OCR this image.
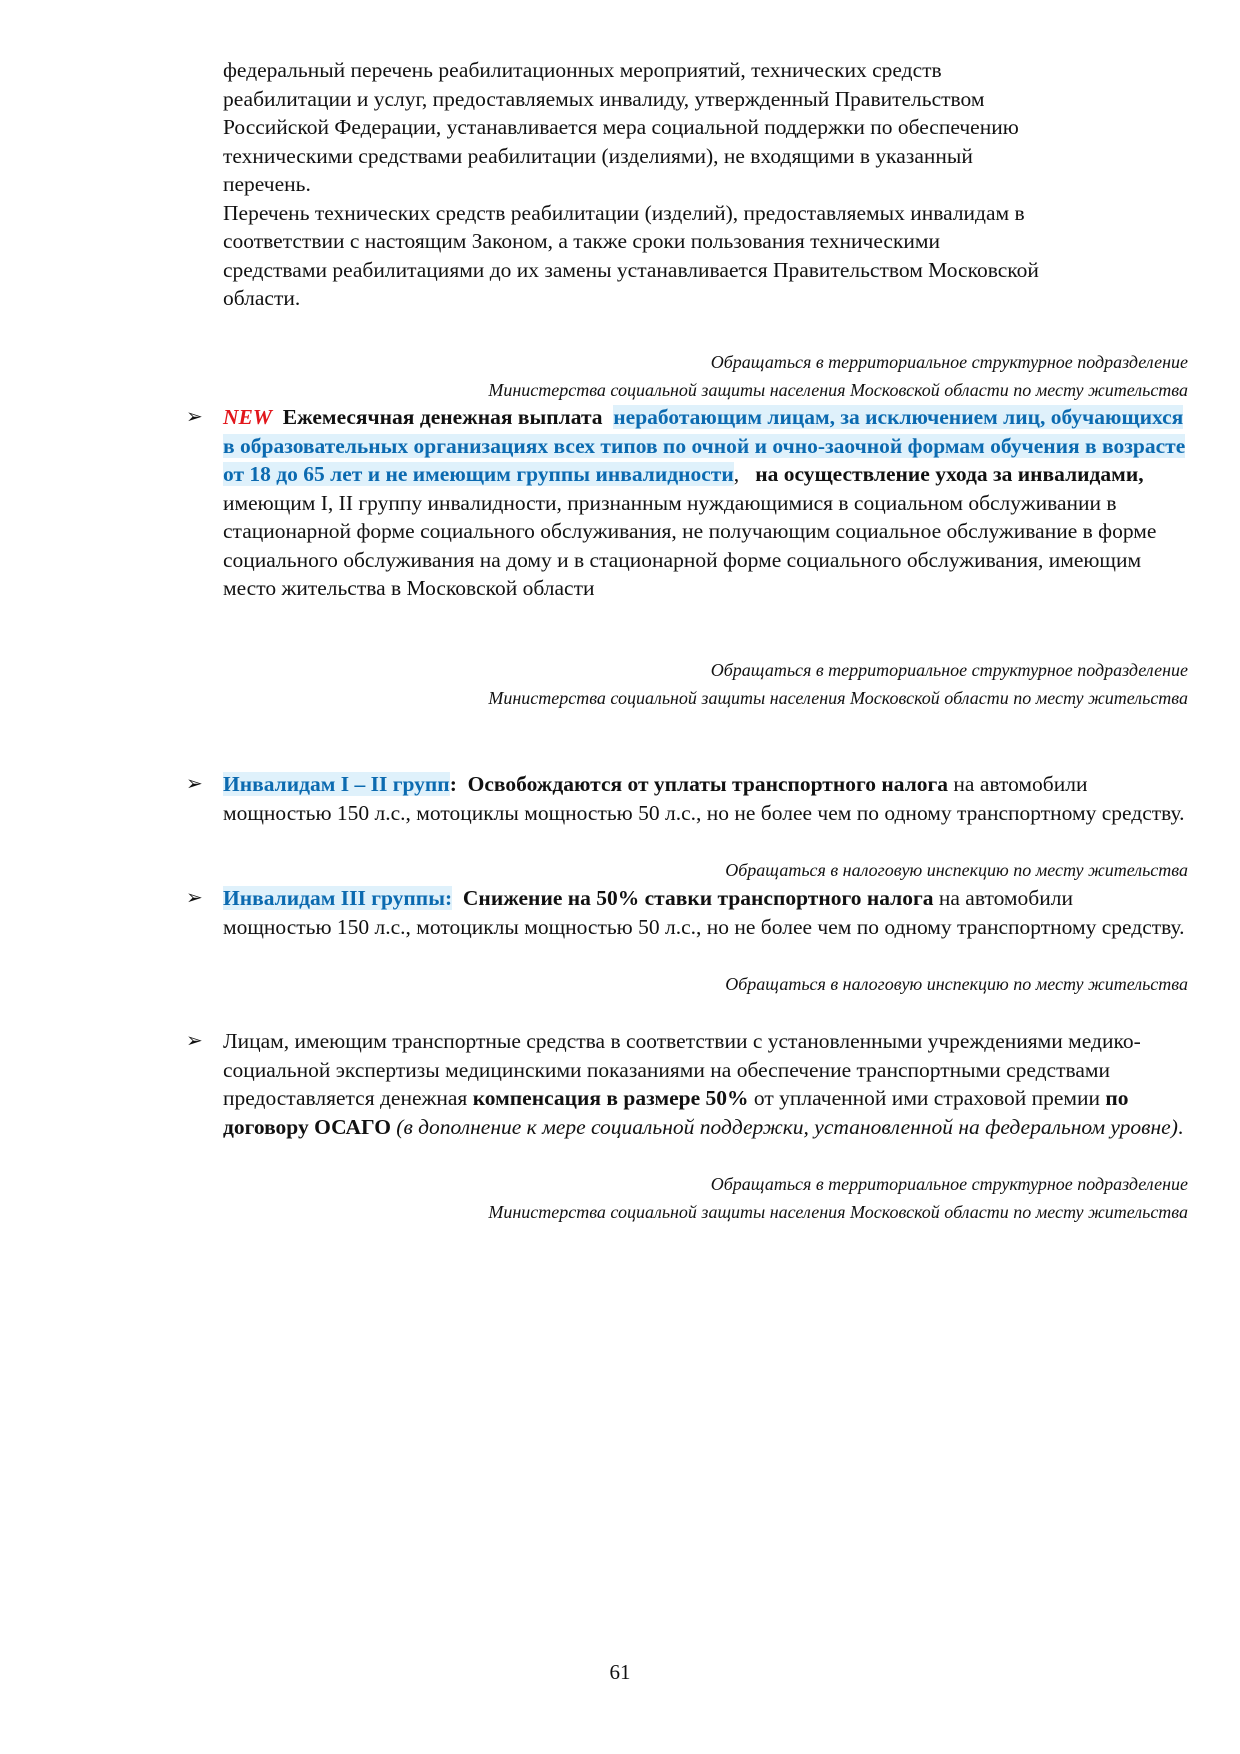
федеральный перечень реабилитационных мероприятий, технических средств
реабилитации и услуг, предоставляемых инвалиду, утвержденный Правительством
Российской Федерации, устанавливается мера социальной поддержки по обеспечению
техническими средствами реабилитации (изделиями), не входящими в указанный
перечень.
Перечень технических средств реабилитации (изделий), предоставляемых инвалидам в
соответствии с настоящим Законом, а также сроки пользования техническими
средствами реабилитациями до их замены устанавливается Правительством Московской
области.
Обращаться в территориальное структурное подразделение
Министерства социальной защиты населения Московской области по месту жительства
➢ NEW Ежемесячная денежная выплата неработающим лицам, за исключением лиц, обучающихся в образовательных организациях всех типов по очной и очно-заочной формам обучения в возрасте от 18 до 65 лет и не имеющим группы инвалидности, на осуществление ухода за инвалидами, имеющим I, II группу инвалидности, признанным нуждающимися в социальном обслуживании в стационарной форме социального обслуживания, не получающим социальное обслуживание в форме социального обслуживания на дому и в стационарной форме социального обслуживания, имеющим место жительства в Московской области
Обращаться в территориальное структурное подразделение
Министерства социальной защиты населения Московской области по месту жительства
➢ Инвалидам I – II групп: Освобождаются от уплаты транспортного налога на автомобили мощностью 150 л.с., мотоциклы мощностью 50 л.с., но не более чем по одному транспортному средству.
Обращаться в налоговую инспекцию по месту жительства
➢ Инвалидам III группы: Снижение на 50% ставки транспортного налога на автомобили мощностью 150 л.с., мотоциклы мощностью 50 л.с., но не более чем по одному транспортному средству.
Обращаться в налоговую инспекцию по месту жительства
➢ Лицам, имеющим транспортные средства в соответствии с установленными учреждениями медико-социальной экспертизы медицинскими показаниями на обеспечение транспортными средствами предоставляется денежная компенсация в размере 50% от уплаченной ими страховой премии по договору ОСАГО (в дополнение к мере социальной поддержки, установленной на федеральном уровне).
Обращаться в территориальное структурное подразделение
Министерства социальной защиты населения Московской области по месту жительства
61
